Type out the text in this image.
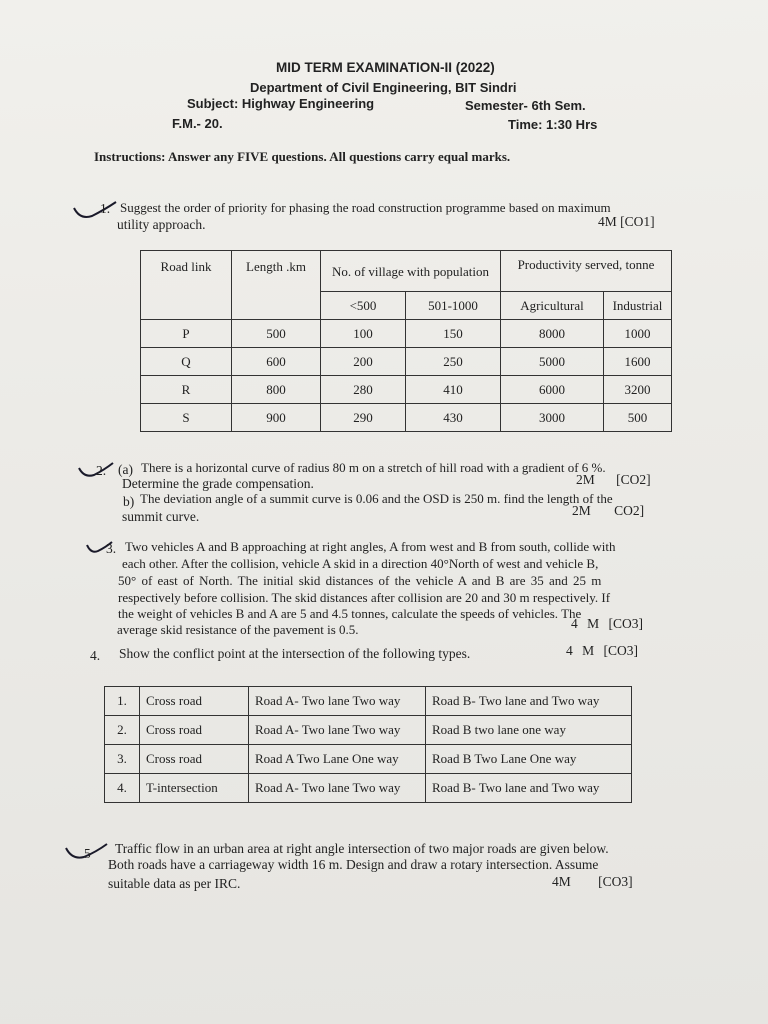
MID TERM EXAMINATION-II (2022)
Department of Civil Engineering, BIT Sindri
Subject: Highway Engineering	Semester- 6th Sem.
F.M.- 20.	Time: 1:30 Hrs
Instructions: Answer any FIVE questions. All questions carry equal marks.
1. Suggest the order of priority for phasing the road construction programme based on maximum
utility approach.	4M [CO1]
Road link	Length .km	No. of village with population		Productivity served, tonne	
		<500	501-1000	Agricultural	Industrial
P	500	100	150	8000	1000
Q	600	200	250	5000	1600
R	800	280	410	6000	3200
S	900	290	430	3000	500
2. (a) There is a horizontal curve of radius 80 m on a stretch of hill road with a gradient of 6 %.
Determine the grade compensation.	2M [CO2]
b) The deviation angle of a summit curve is 0.06 and the OSD is 250 m. find the length of the
summit curve.	2M CO2]
3. Two vehicles A and B approaching at right angles, A from west and B from south, collide with
each other. After the collision, vehicle A skid in a direction 40°North of west and vehicle B,
50° of east of North. The initial skid distances of the vehicle A and B are 35 and 25 m
respectively before collision. The skid distances after collision are 20 and 30 m respectively. If
the weight of vehicles B and A are 5 and 4.5 tonnes, calculate the speeds of vehicles. The
average skid resistance of the pavement is 0.5.	4 M [CO3]
4. Show the conflict point at the intersection of the following types.	4 M [CO3]
1.	Cross road	Road A- Two lane Two way	Road B- Two lane and Two way
2.	Cross road	Road A- Two lane Two way	Road B two lane one way
3.	Cross road	Road A Two Lane One way	Road B Two Lane One way
4.	T-intersection	Road A- Two lane Two way	Road B- Two lane and Two way
5 Traffic flow in an urban area at right angle intersection of two major roads are given below.
Both roads have a carriageway width 16 m. Design and draw a rotary intersection. Assume
suitable data as per IRC.	4M [CO3]
